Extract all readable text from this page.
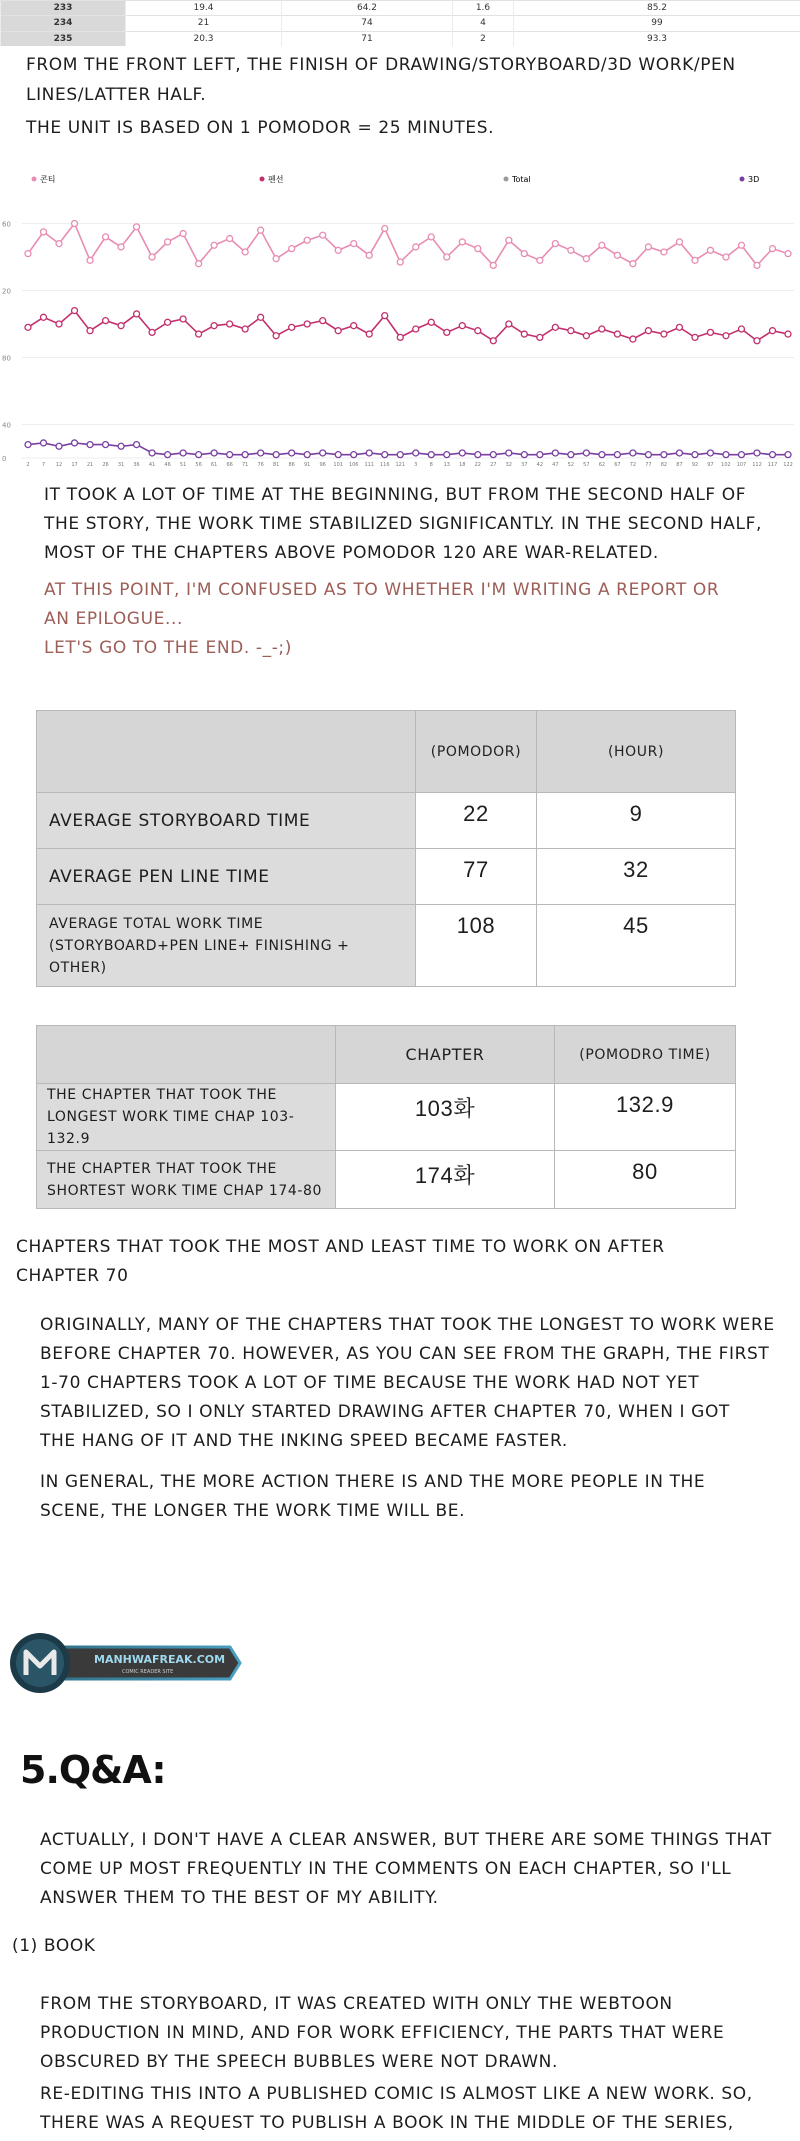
233	19.4	64.2	1.6	85.2
234	21	74	4	99
235	20.3	71	2	93.3

FROM THE FRONT LEFT, THE FINISH OF DRAWING/STORYBOARD/3D WORK/PEN LINES/LATTER HALF.

THE UNIT IS BASED ON 1 POMODOR = 25 MINUTES.

콘티	펜선	Total	3D
2 7 12 17 21 26 31 36 41 46 51 56 61 66 71 76 81 86 91 96 101 106 111 116 121 3 8 13 18 22 27 32 37 42 47 52 57 62 67 72 77 82 87 92 97 102 107 112 117 122
60
20
80
40
0

IT TOOK A LOT OF TIME AT THE BEGINNING, BUT FROM THE SECOND HALF OF

THE STORY, THE WORK TIME STABILIZED SIGNIFICANTLY. IN THE SECOND HALF,

MOST OF THE CHAPTERS ABOVE POMODOR 120 ARE WAR-RELATED.

AT THIS POINT, I'M CONFUSED AS TO WHETHER I'M WRITING A REPORT OR

AN EPILOGUE...

LET'S GO TO THE END. -_-;)

	(POMODOR)	(HOUR)
AVERAGE STORYBOARD TIME	22	9
AVERAGE PEN LINE TIME	77	32
AVERAGE TOTAL WORK TIME (STORYBOARD+PEN LINE+ FINISHING + OTHER)	108	45
	CHAPTER	(POMODRO TIME)
THE CHAPTER THAT TOOK THE LONGEST WORK TIME CHAP 103-132.9	103화	132.9
THE CHAPTER THAT TOOK THE SHORTEST WORK TIME CHAP 174-80	174화	80

CHAPTERS THAT TOOK THE MOST AND LEAST TIME TO WORK ON AFTER

CHAPTER 70

ORIGINALLY, MANY OF THE CHAPTERS THAT TOOK THE LONGEST TO WORK WERE

BEFORE CHAPTER 70. HOWEVER, AS YOU CAN SEE FROM THE GRAPH, THE FIRST

1-70 CHAPTERS TOOK A LOT OF TIME BECAUSE THE WORK HAD NOT YET

STABILIZED, SO I ONLY STARTED DRAWING AFTER CHAPTER 70, WHEN I GOT

THE HANG OF IT AND THE INKING SPEED BECAME FASTER.

IN GENERAL, THE MORE ACTION THERE IS AND THE MORE PEOPLE IN THE

SCENE, THE LONGER THE WORK TIME WILL BE.

MANHWAFREAK.COM
COMIC READER SITE
5.Q&A:

ACTUALLY, I DON'T HAVE A CLEAR ANSWER, BUT THERE ARE SOME THINGS THAT

COME UP MOST FREQUENTLY IN THE COMMENTS ON EACH CHAPTER, SO I'LL

ANSWER THEM TO THE BEST OF MY ABILITY.

(1) BOOK

FROM THE STORYBOARD, IT WAS CREATED WITH ONLY THE WEBTOON

PRODUCTION IN MIND, AND FOR WORK EFFICIENCY, THE PARTS THAT WERE

OBSCURED BY THE SPEECH BUBBLES WERE NOT DRAWN.

RE-EDITING THIS INTO A PUBLISHED COMIC IS ALMOST LIKE A NEW WORK. SO,

THERE WAS A REQUEST TO PUBLISH A BOOK IN THE MIDDLE OF THE SERIES,
